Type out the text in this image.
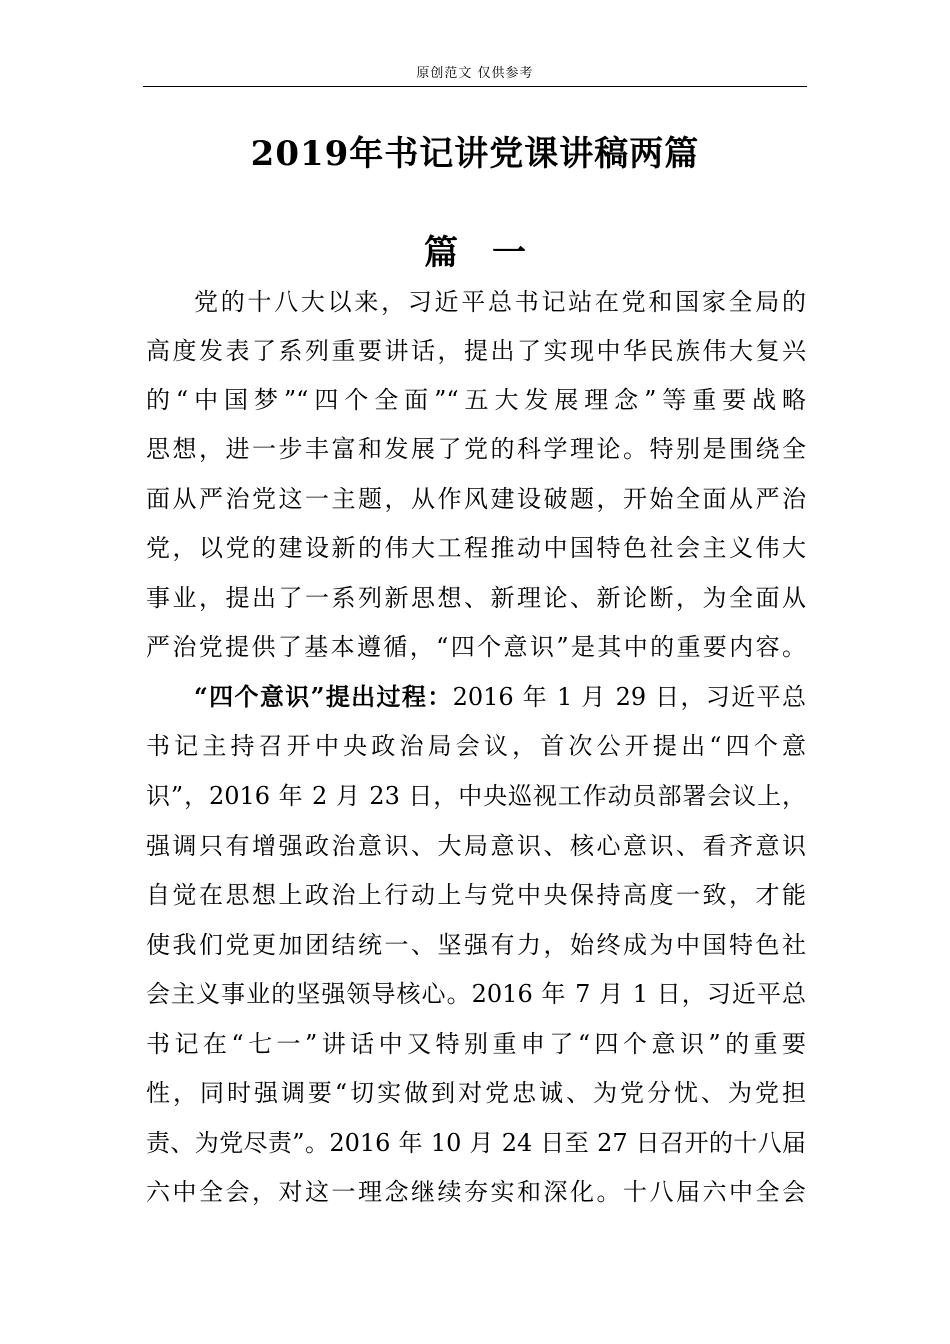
原创范文 仅供参考
2019年书记讲党课讲稿两篇
篇　一
党的十八大以来，习近平总书记站在党和国家全局的
高度发表了系列重要讲话，提出了实现中华民族伟大复兴
的“中国梦”“四个全面”“五大发展理念”等重要战略
思想，进一步丰富和发展了党的科学理论。特别是围绕全
面从严治党这一主题，从作风建设破题，开始全面从严治
党，以党的建设新的伟大工程推动中国特色社会主义伟大
事业，提出了一系列新思想、新理论、新论断，为全面从
严治党提供了基本遵循，“四个意识”是其中的重要内容。
“四个意识”提出过程：2016 年 1 月 29 日，习近平总
书记主持召开中央政治局会议，首次公开提出“四个意
识”，2016 年 2 月 23 日，中央巡视工作动员部署会议上，
强调只有增强政治意识、大局意识、核心意识、看齐意识
自觉在思想上政治上行动上与党中央保持高度一致，才能
使我们党更加团结统一、坚强有力，始终成为中国特色社
会主义事业的坚强领导核心。2016 年 7 月 1 日，习近平总
书记在“七一”讲话中又特别重申了“四个意识”的重要
性，同时强调要“切实做到对党忠诚、为党分忧、为党担
责、为党尽责”。2016 年 10 月 24 日至 27 日召开的十八届
六中全会，对这一理念继续夯实和深化。十八届六中全会
